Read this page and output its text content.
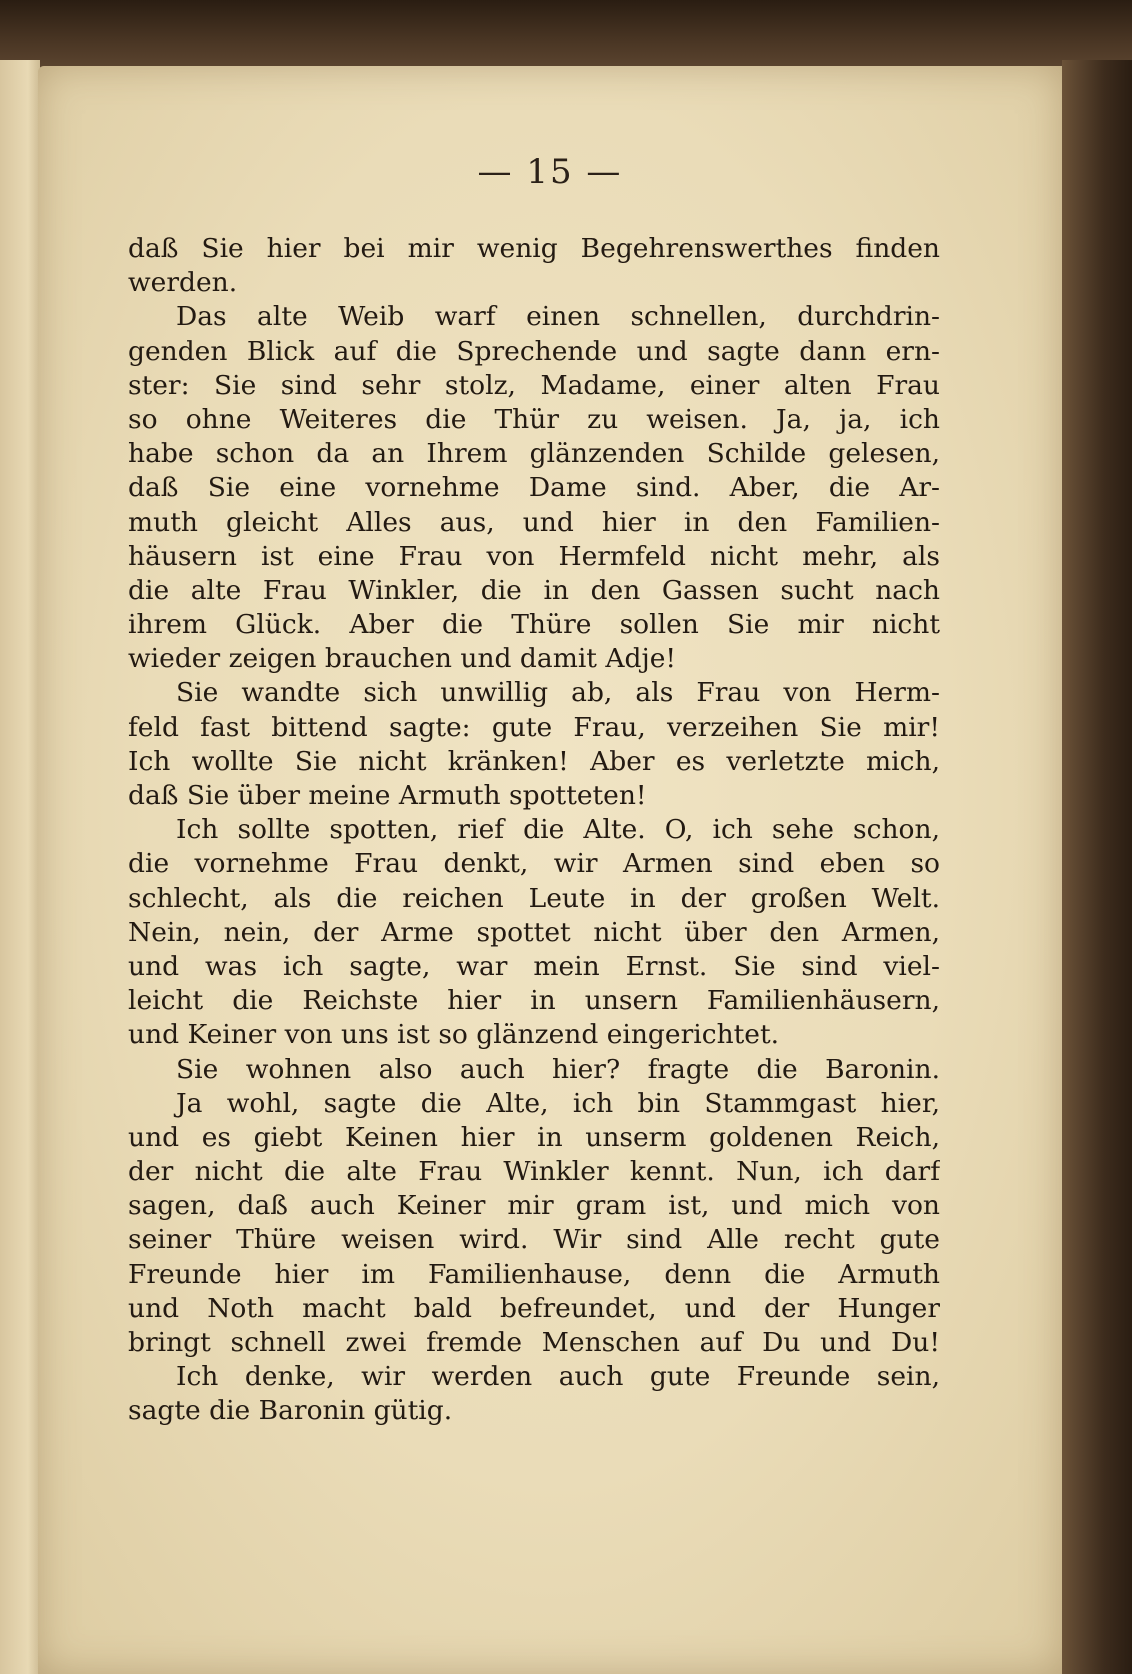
— 15 —
daß Sie hier bei mir wenig Begehrenswerthes finden
werden.
Das alte Weib warf einen schnellen, durchdrin-
genden Blick auf die Sprechende und sagte dann ern-
ster: Sie sind sehr stolz, Madame, einer alten Frau
so ohne Weiteres die Thür zu weisen. Ja, ja, ich
habe schon da an Ihrem glänzenden Schilde gelesen,
daß Sie eine vornehme Dame sind. Aber, die Ar-
muth gleicht Alles aus, und hier in den Familien-
häusern ist eine Frau von Hermfeld nicht mehr, als
die alte Frau Winkler, die in den Gassen sucht nach
ihrem Glück. Aber die Thüre sollen Sie mir nicht
wieder zeigen brauchen und damit Adje!
Sie wandte sich unwillig ab, als Frau von Herm-
feld fast bittend sagte: gute Frau, verzeihen Sie mir!
Ich wollte Sie nicht kränken! Aber es verletzte mich,
daß Sie über meine Armuth spotteten!
Ich sollte spotten, rief die Alte. O, ich sehe schon,
die vornehme Frau denkt, wir Armen sind eben so
schlecht, als die reichen Leute in der großen Welt.
Nein, nein, der Arme spottet nicht über den Armen,
und was ich sagte, war mein Ernst. Sie sind viel-
leicht die Reichste hier in unsern Familienhäusern,
und Keiner von uns ist so glänzend eingerichtet.
Sie wohnen also auch hier? fragte die Baronin.
Ja wohl, sagte die Alte, ich bin Stammgast hier,
und es giebt Keinen hier in unserm goldenen Reich,
der nicht die alte Frau Winkler kennt. Nun, ich darf
sagen, daß auch Keiner mir gram ist, und mich von
seiner Thüre weisen wird. Wir sind Alle recht gute
Freunde hier im Familienhause, denn die Armuth
und Noth macht bald befreundet, und der Hunger
bringt schnell zwei fremde Menschen auf Du und Du!
Ich denke, wir werden auch gute Freunde sein,
sagte die Baronin gütig.
